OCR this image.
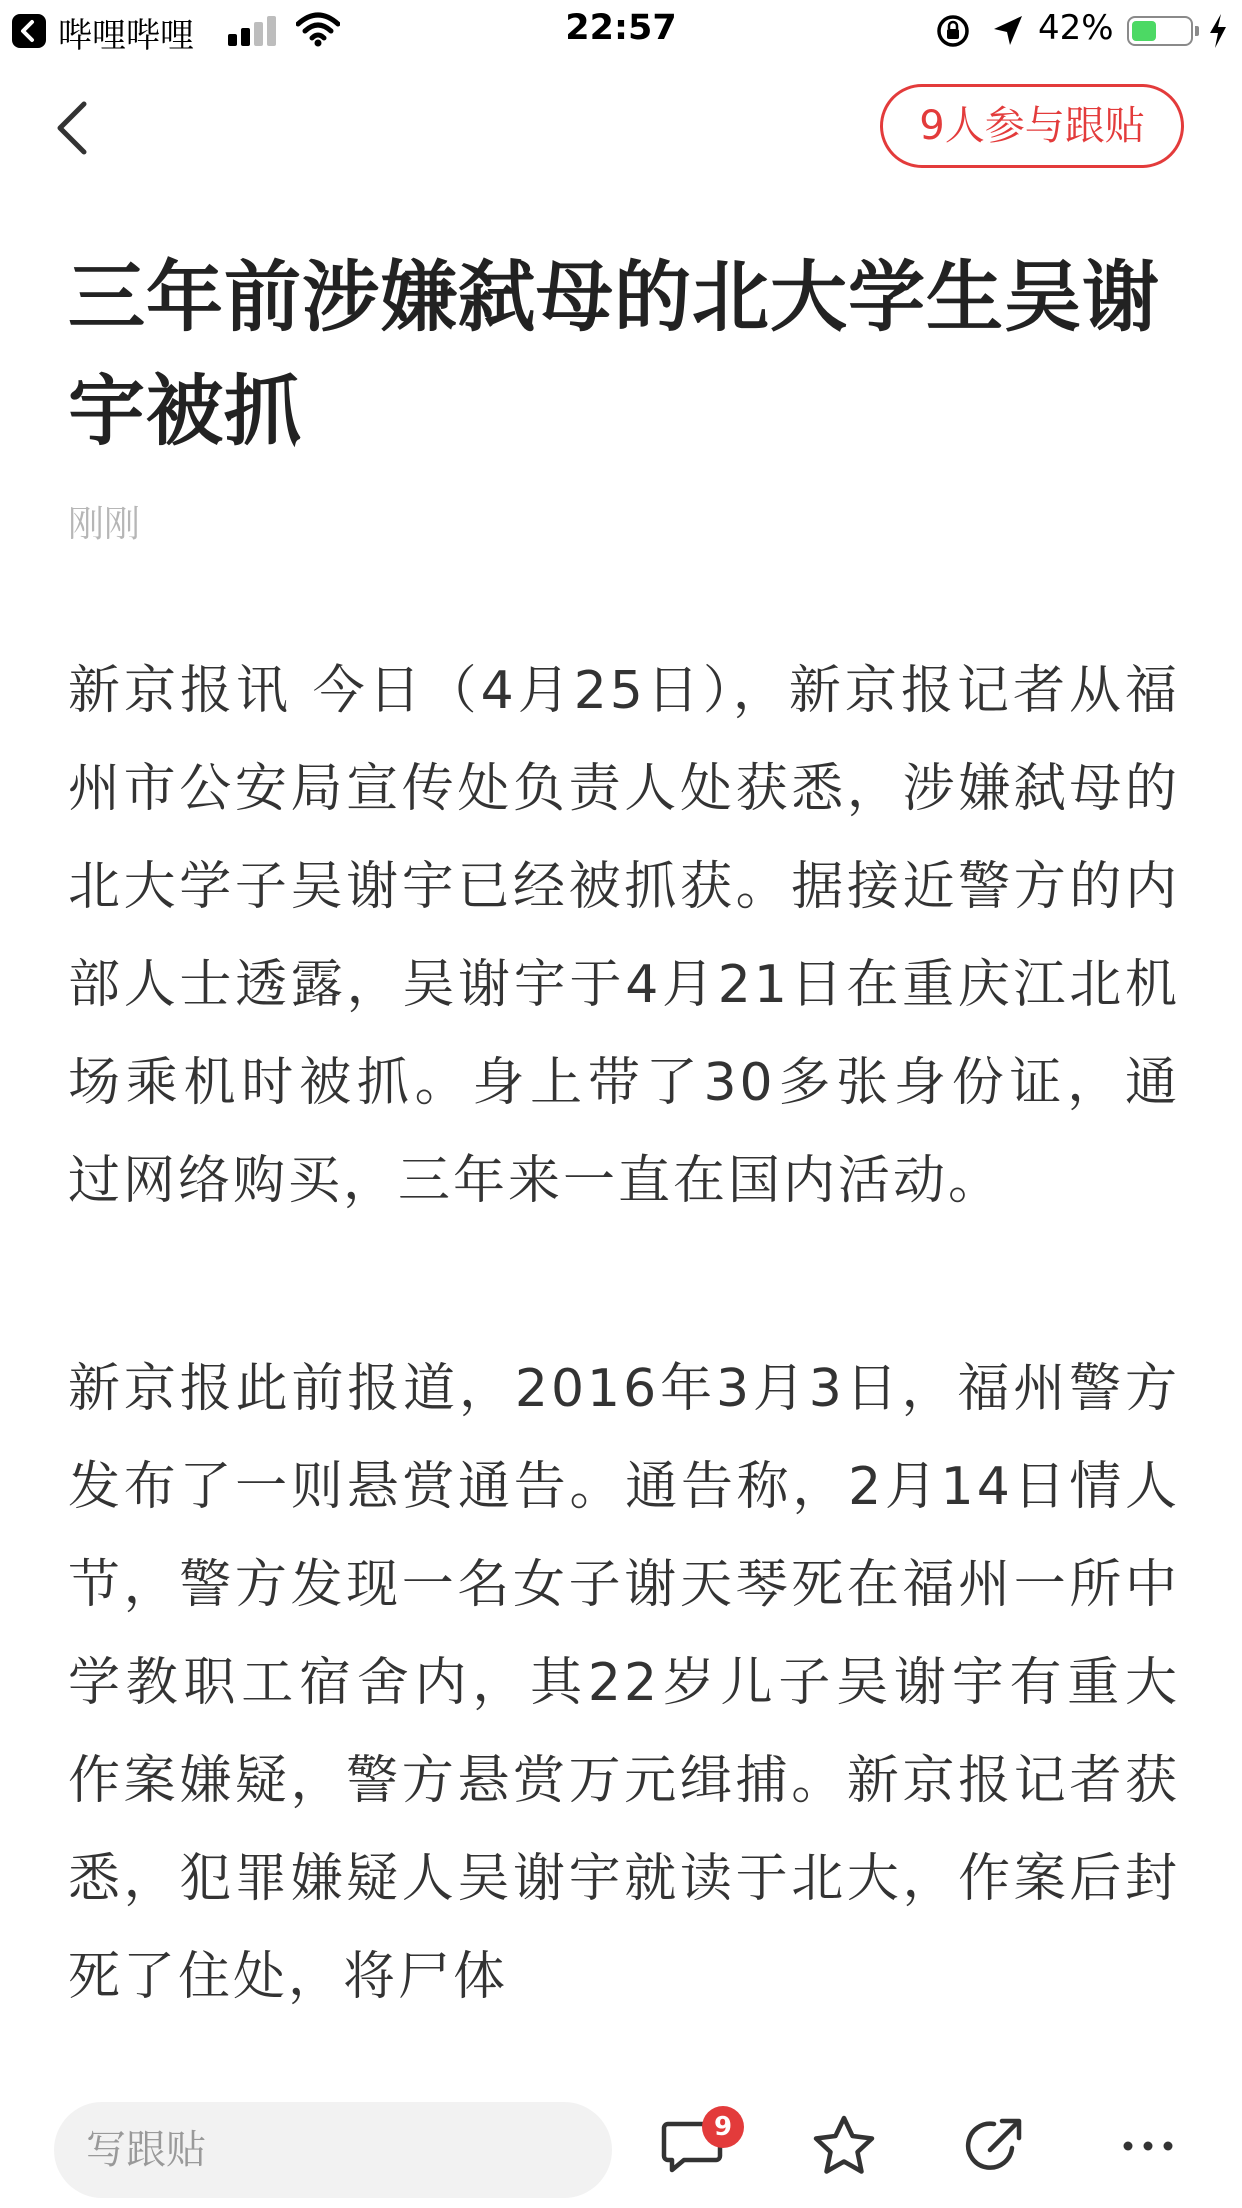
哔哩哔哩	22:57	42%
9人参与跟贴
三年前涉嫌弑母的北大学生吴谢宇被抓
刚刚

新京报讯 今日（4月25日），新京报记者从福州市公安局宣传处负责人处获悉，涉嫌弑母的北大学子吴谢宇已经被抓获。据接近警方的内部人士透露，吴谢宇于4月21日在重庆江北机场乘机时被抓。身上带了30多张身份证，通过网络购买，三年来一直在国内活动。

新京报此前报道，2016年3月3日，福州警方发布了一则悬赏通告。通告称，2月14日情人节，警方发现一名女子谢天琴死在福州一所中学教职工宿舍内，其22岁儿子吴谢宇有重大作案嫌疑，警方悬赏万元缉捕。新京报记者获悉，犯罪嫌疑人吴谢宇就读于北大，作案后封死了住处，将尸体

写跟贴	9
